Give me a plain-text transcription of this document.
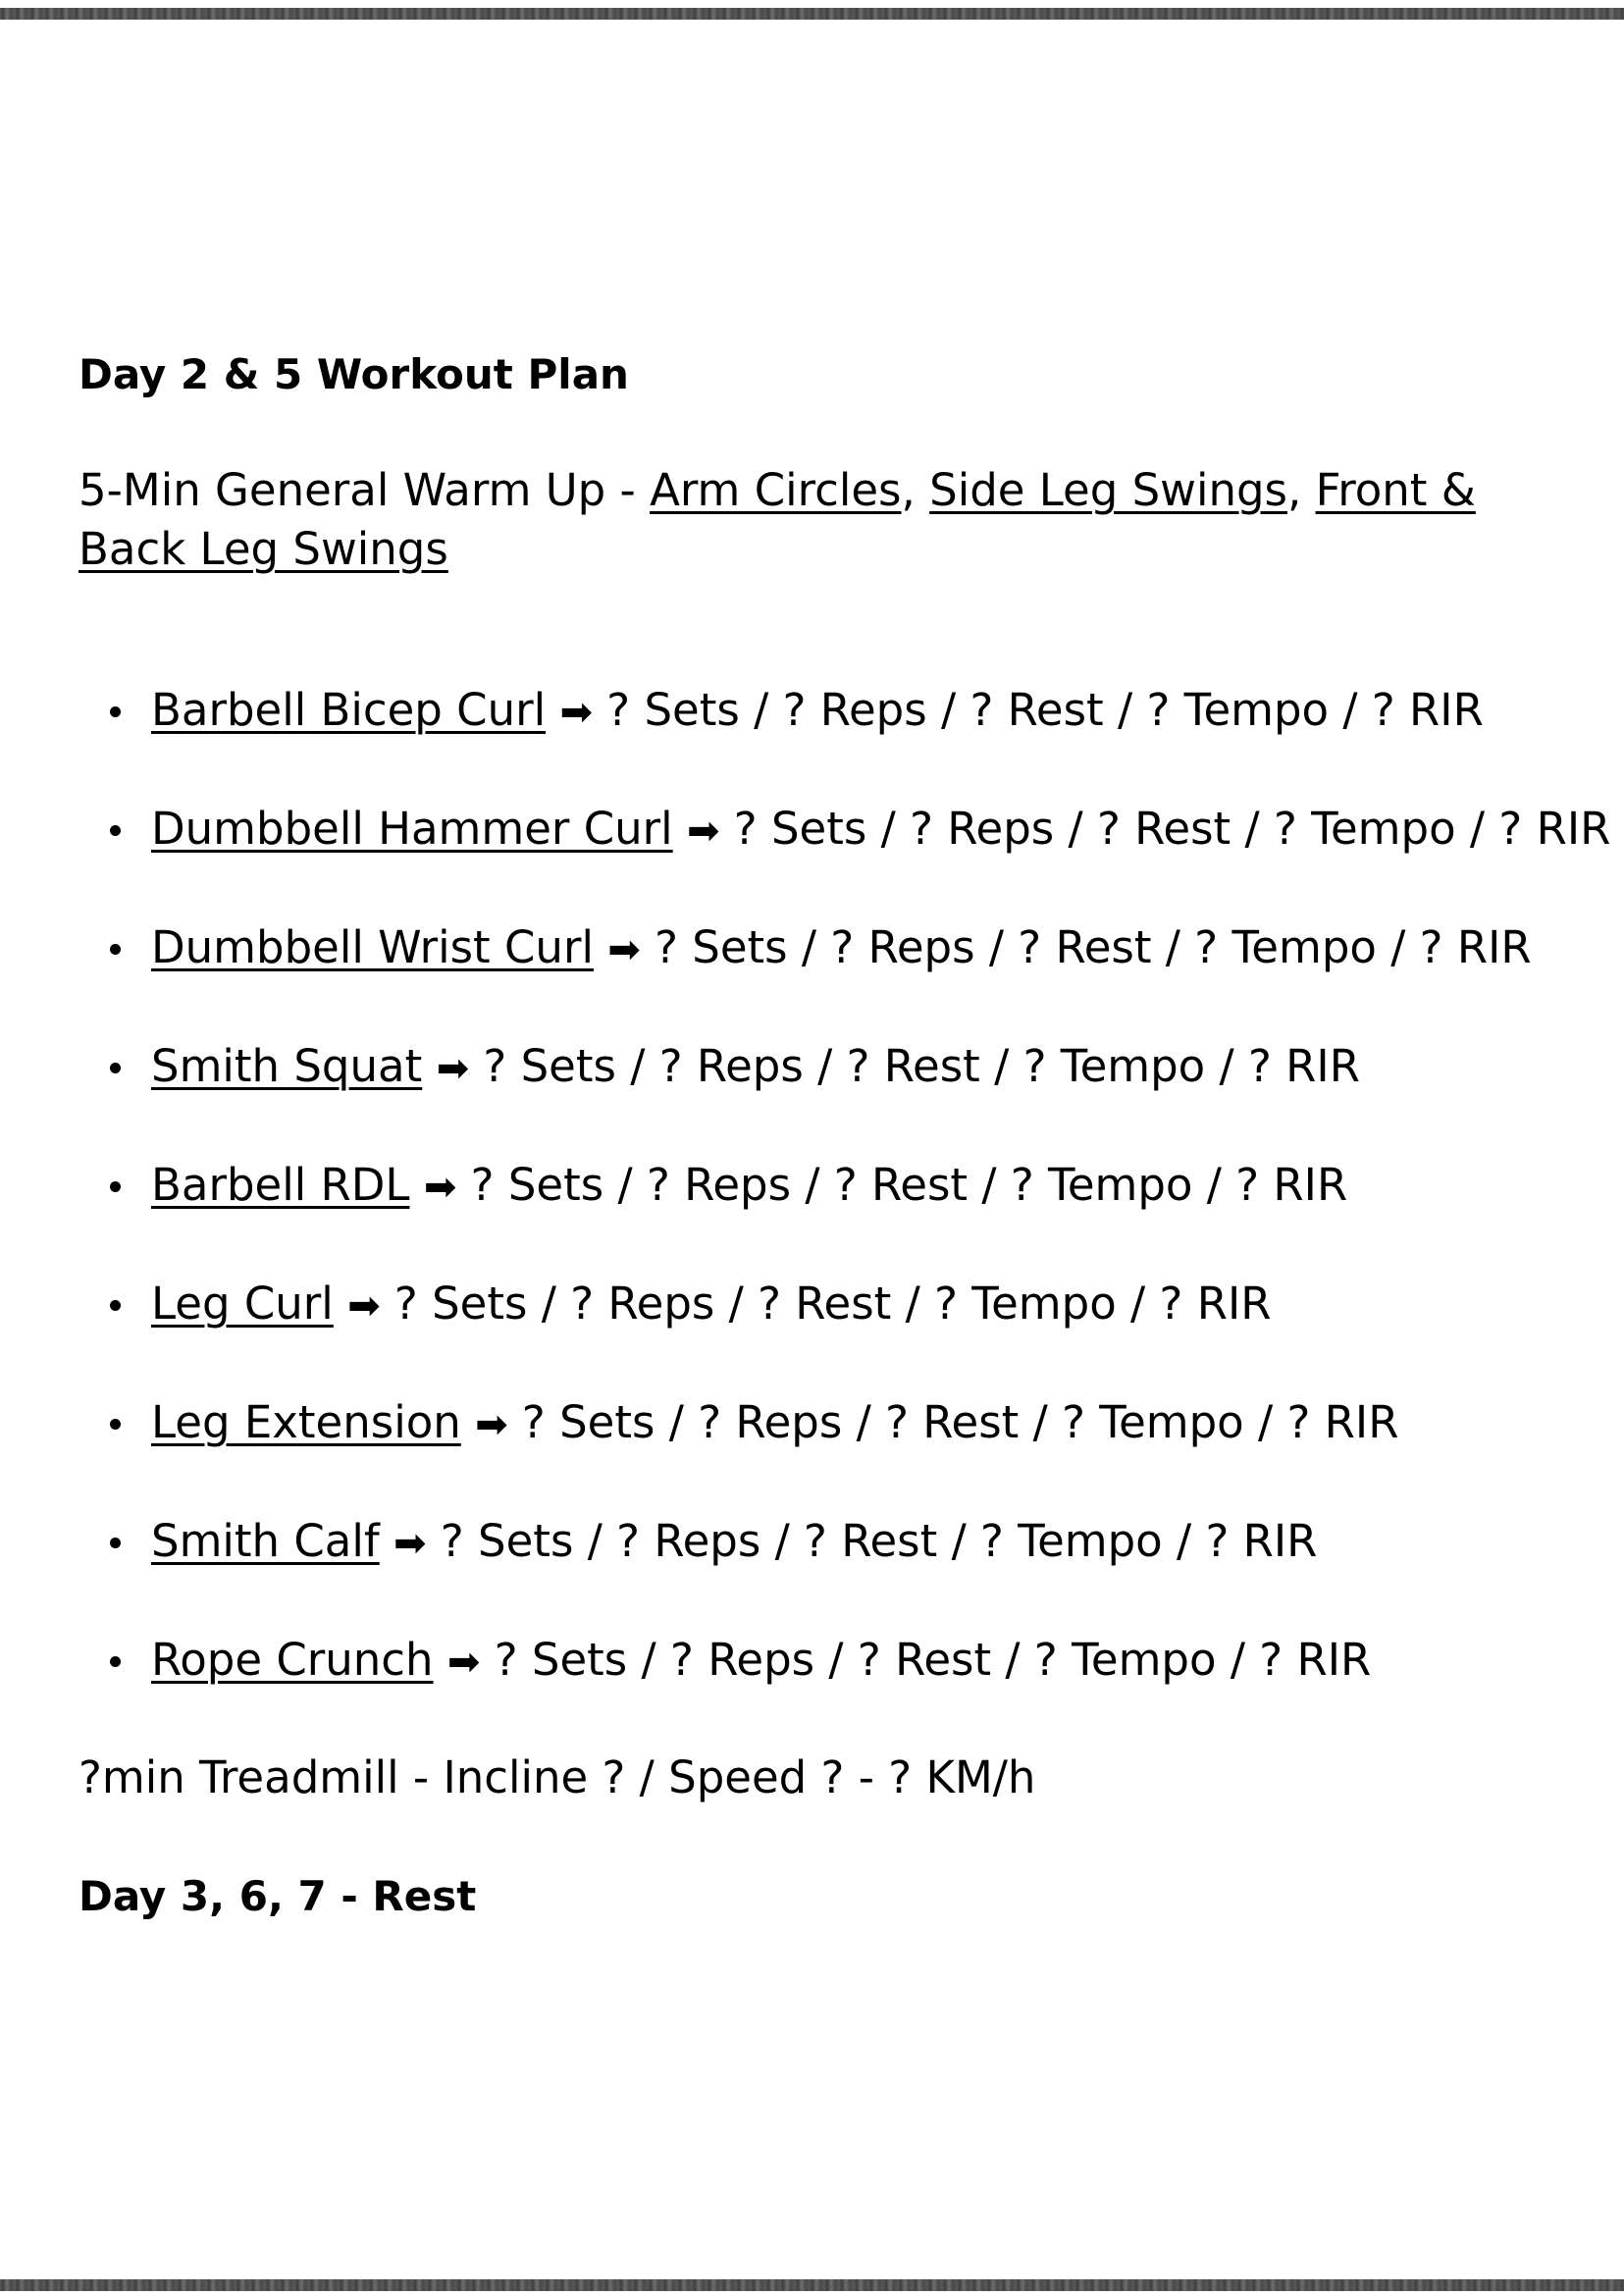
Day 2 & 5 Workout Plan
5-Min General Warm Up - Arm Circles, Side Leg Swings, Front & Back Leg Swings
Barbell Bicep Curl ➡ ? Sets / ? Reps / ? Rest / ? Tempo / ? RIR
Dumbbell Hammer Curl ➡ ? Sets / ? Reps / ? Rest / ? Tempo / ? RIR
Dumbbell Wrist Curl ➡ ? Sets / ? Reps / ? Rest / ? Tempo / ? RIR
Smith Squat ➡ ? Sets / ? Reps / ? Rest / ? Tempo / ? RIR
Barbell RDL ➡ ? Sets / ? Reps / ? Rest / ? Tempo / ? RIR
Leg Curl ➡ ? Sets / ? Reps / ? Rest / ? Tempo / ? RIR
Leg Extension ➡ ? Sets / ? Reps / ? Rest / ? Tempo / ? RIR
Smith Calf ➡ ? Sets / ? Reps / ? Rest / ? Tempo / ? RIR
Rope Crunch ➡ ? Sets / ? Reps / ? Rest / ? Tempo / ? RIR
?min Treadmill - Incline ? / Speed ? - ? KM/h
Day 3, 6, 7 - Rest
